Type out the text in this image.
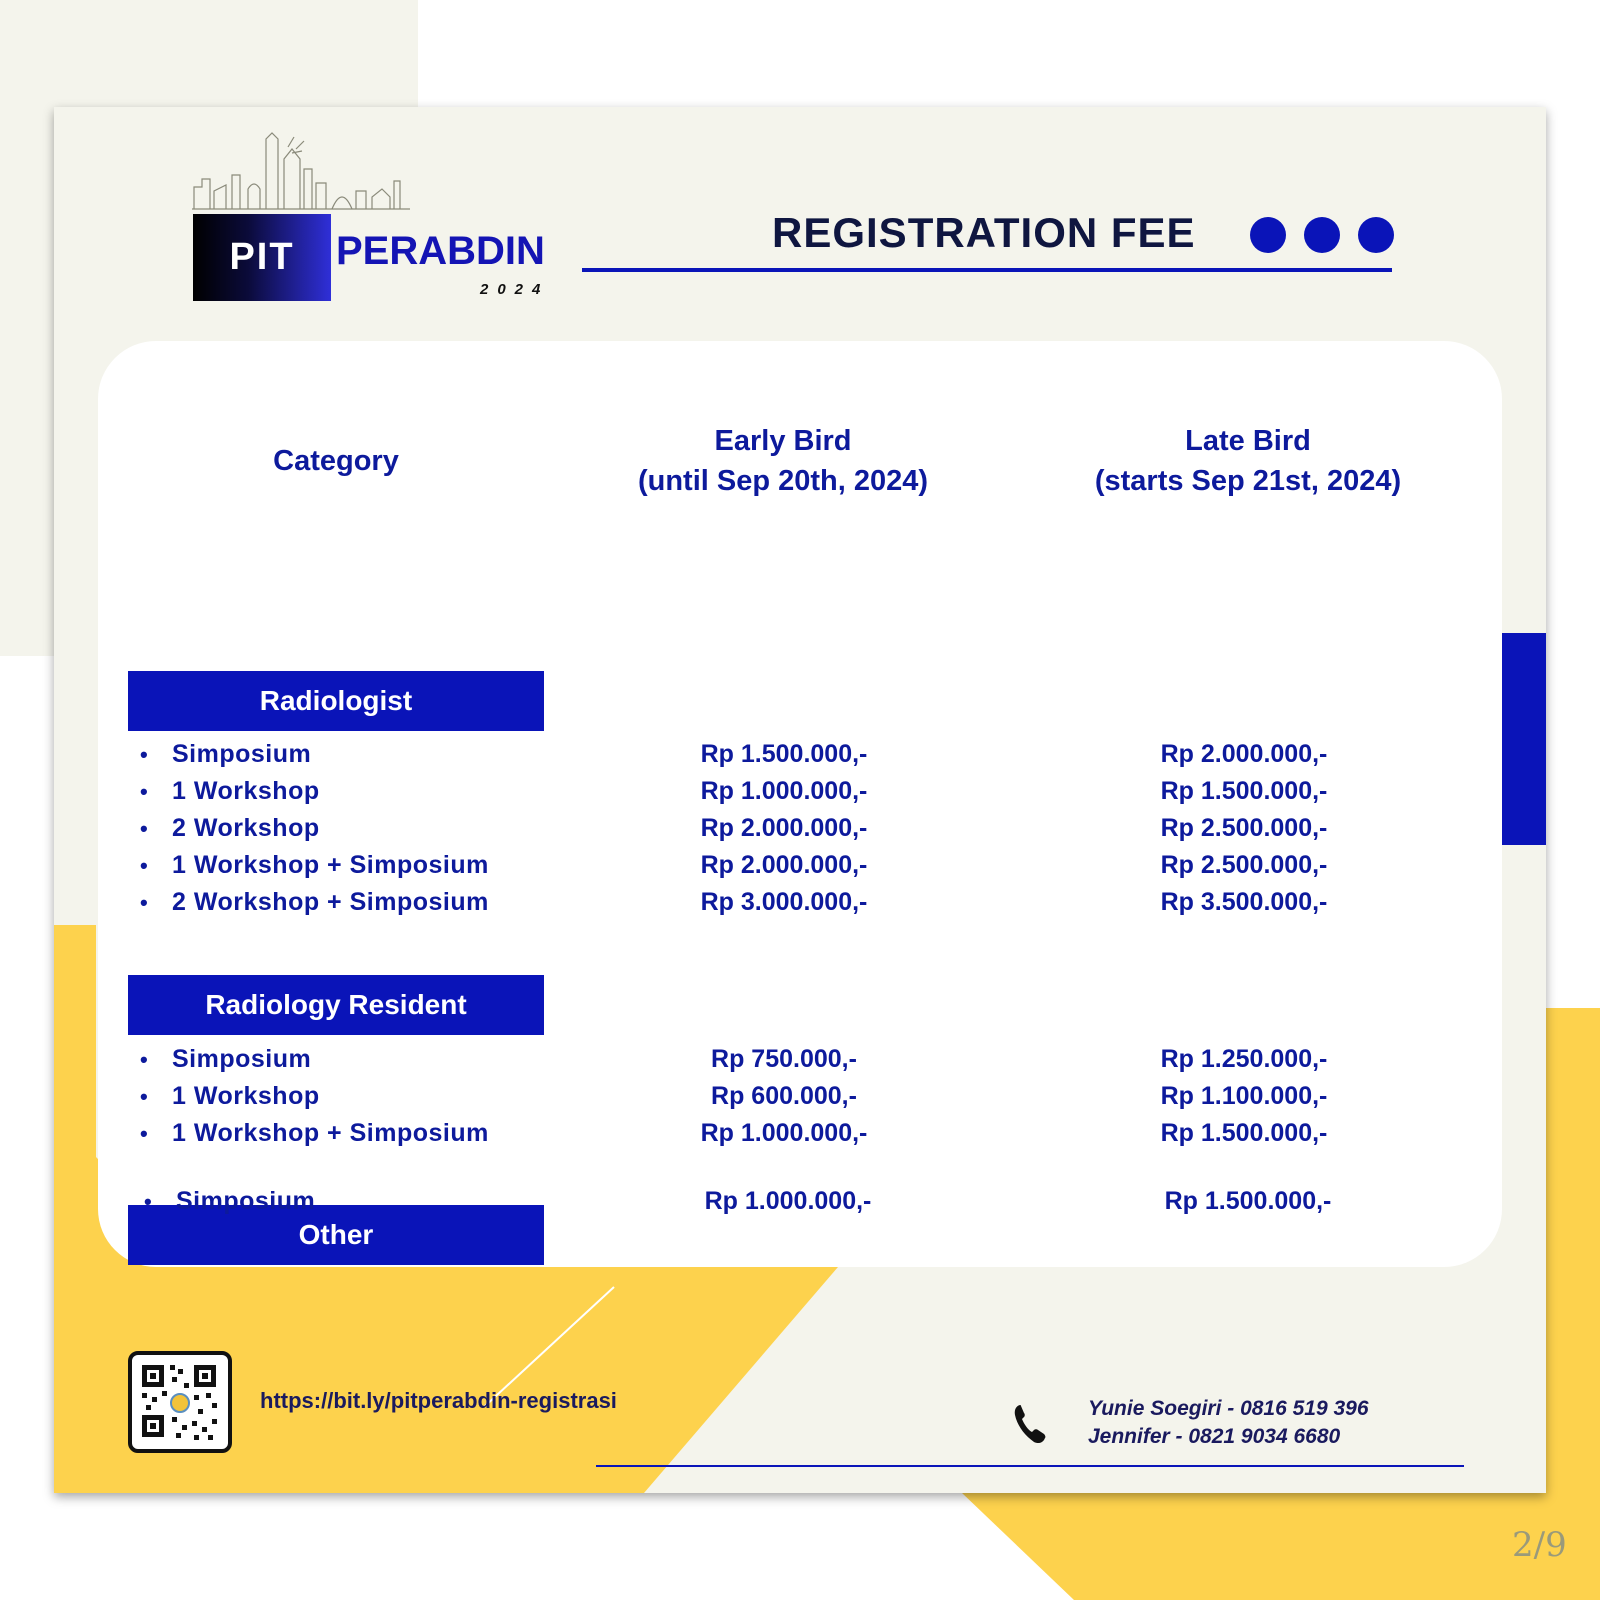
PIT	PERABDIN
2024
REGISTRATION FEE
Category
Early Bird
(until Sep 20th, 2024)
Late Bird
(starts Sep 21st, 2024)
Radiologist
• Simposium	Rp 1.500.000,-	Rp 2.000.000,-
• 1 Workshop	Rp 1.000.000,-	Rp 1.500.000,-
• 2 Workshop	Rp 2.000.000,-	Rp 2.500.000,-
• 1 Workshop + Simposium	Rp 2.000.000,-	Rp 2.500.000,-
• 2 Workshop + Simposium	Rp 3.000.000,-	Rp 3.500.000,-
Radiology Resident
• Simposium	Rp 750.000,-	Rp 1.250.000,-
• 1 Workshop	Rp 600.000,-	Rp 1.100.000,-
• 1 Workshop + Simposium	Rp 1.000.000,-	Rp 1.500.000,-
Other
• Simposium	Rp 1.000.000,-	Rp 1.500.000,-
https://bit.ly/pitperabdin-registrasi	Yunie Soegiri - 0816 519 396
Jennifer - 0821 9034 6680
2/9
